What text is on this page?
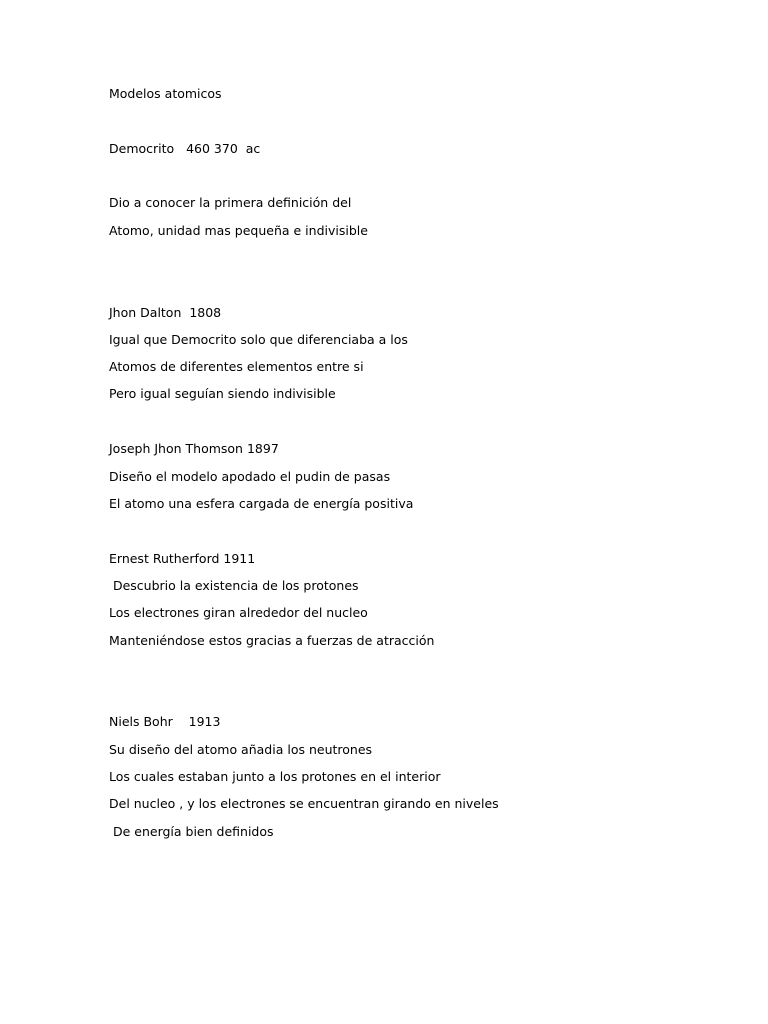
Modelos atomicos
Democrito   460 370  ac
Dio a conocer la primera definición del
Atomo, unidad mas pequeña e indivisible
Jhon Dalton  1808
Igual que Democrito solo que diferenciaba a los
Atomos de diferentes elementos entre si
Pero igual seguían siendo indivisible
Joseph Jhon Thomson 1897
Diseño el modelo apodado el pudin de pasas
El atomo una esfera cargada de energía positiva
Ernest Rutherford 1911
Descubrio la existencia de los protones
Los electrones giran alrededor del nucleo
Manteniéndose estos gracias a fuerzas de atracción
Niels Bohr    1913
Su diseño del atomo añadia los neutrones
Los cuales estaban junto a los protones en el interior
Del nucleo , y los electrones se encuentran girando en niveles
De energía bien definidos
